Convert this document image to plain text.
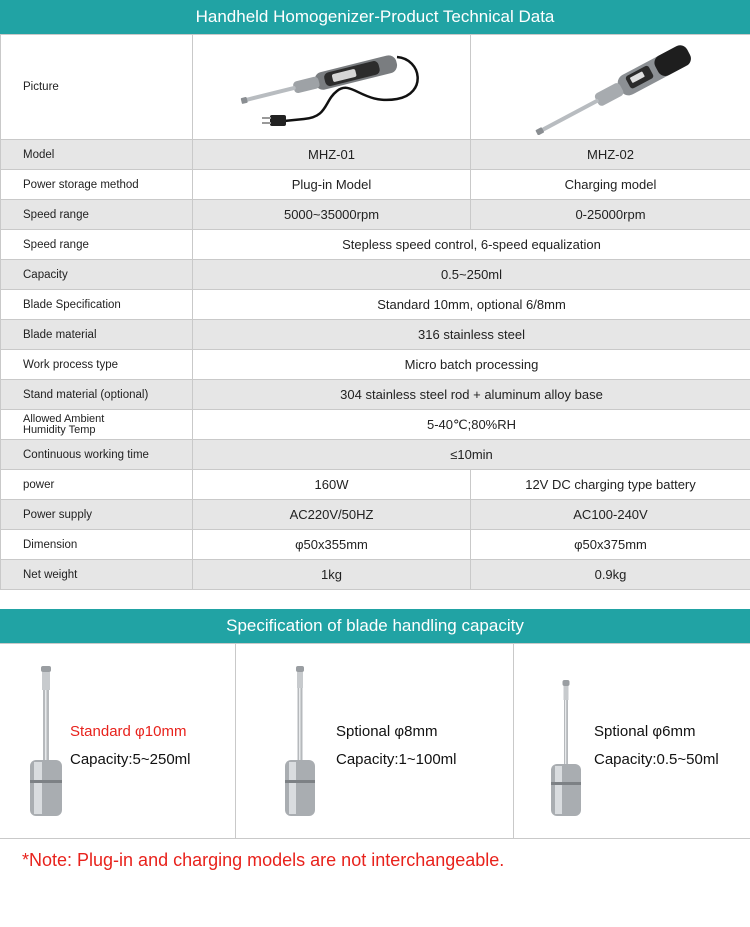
Handheld Homogenizer-Product Technical Data
Picture	

Model	MHZ-01	MHZ-02
Power storage method	Plug-in Model	Charging model
Speed range	5000~35000rpm	0-25000rpm
Speed range	Stepless speed control, 6-speed equalization	
Capacity	0.5~250ml	
Blade Specification	Standard 10mm, optional 6/8mm	
Blade material	316 stainless steel	
Work process type	Micro batch processing	
Stand material (optional)	304 stainless steel rod + aluminum alloy base	
Allowed Ambient
Humidity Temp	5-40℃;80%RH	
Continuous working time	≤10min	
power	160W	12V DC charging type battery
Power supply	AC220V/50HZ	AC100-240V
Dimension	φ50x355mm	φ50x375mm
Net weight	1kg	0.9kg
Specification of blade handling capacity
Standard φ10mm
Capacity:5~250ml
Sptional φ8mm
Capacity:1~100ml
Sptional φ6mm
Capacity:0.5~50ml
*Note: Plug-in and charging models are not interchangeable.
